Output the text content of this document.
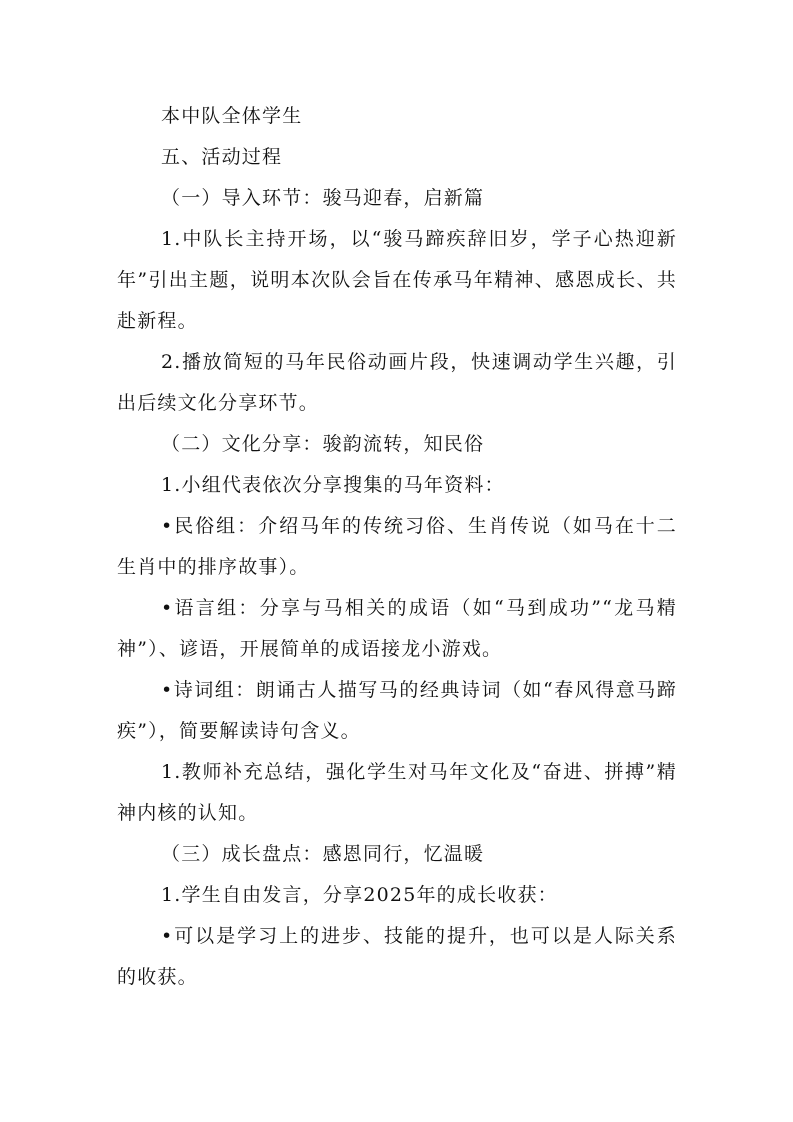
本中队全体学生

五、活动过程

（一）导入环节：骏马迎春，启新篇

1.中队长主持开场，以“骏马蹄疾辞旧岁，学子心热迎新年”引出主题，说明本次队会旨在传承马年精神、感恩成长、共赴新程。

2.播放简短的马年民俗动画片段，快速调动学生兴趣，引出后续文化分享环节。

（二）文化分享：骏韵流转，知民俗

1.小组代表依次分享搜集的马年资料：

•民俗组：介绍马年的传统习俗、生肖传说（如马在十二生肖中的排序故事）。

•语言组：分享与马相关的成语（如“马到成功”“龙马精神”）、谚语，开展简单的成语接龙小游戏。

•诗词组：朗诵古人描写马的经典诗词（如“春风得意马蹄疾”），简要解读诗句含义。

1.教师补充总结，强化学生对马年文化及“奋进、拼搏”精神内核的认知。

（三）成长盘点：感恩同行，忆温暖

1.学生自由发言，分享2025年的成长收获：

•可以是学习上的进步、技能的提升，也可以是人际关系的收获。
